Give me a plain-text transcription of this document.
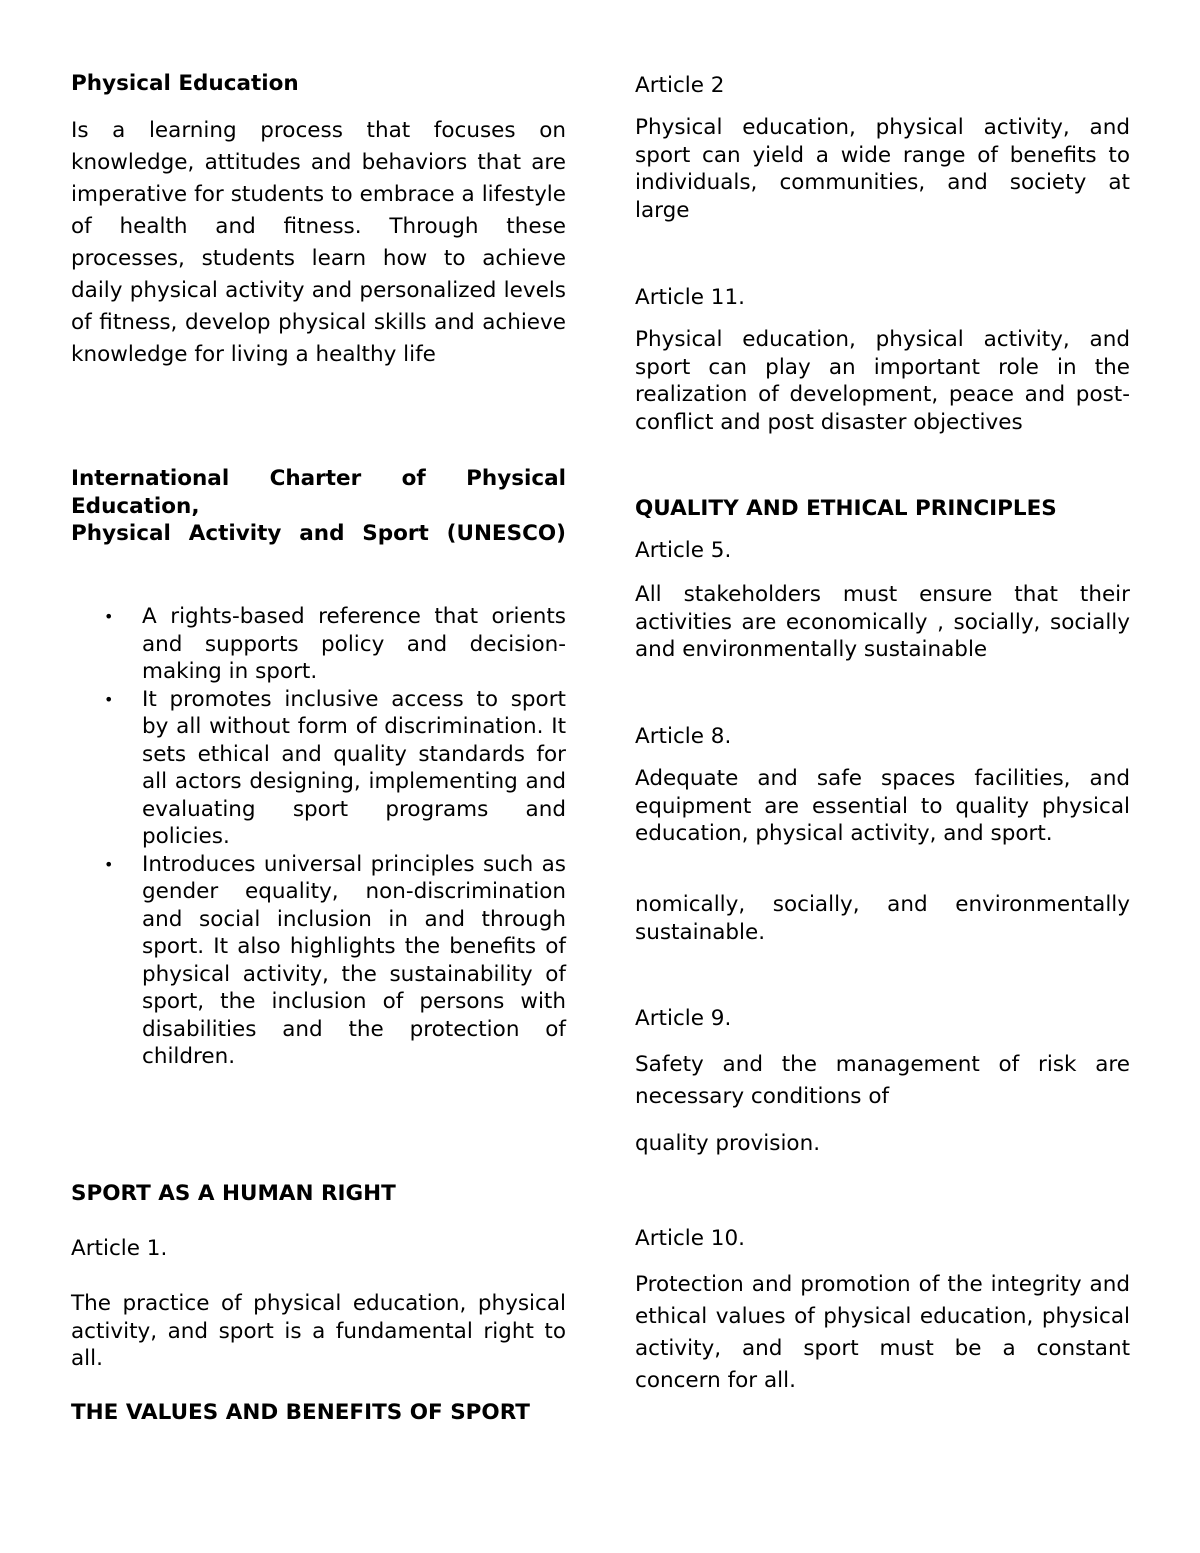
Physical Education
Is a learning process that focuses on knowledge, attitudes and behaviors that are imperative for students to embrace a lifestyle of health and fitness. Through these processes, students learn how to achieve daily physical activity and personalized levels of fitness, develop physical skills and achieve knowledge for living a healthy life
International Charter of Physical Education,
Physical Activity and Sport (UNESCO)
• A rights-based reference that orients and supports policy and decision-making in sport.
• It promotes inclusive access to sport by all without form of discrimination. It sets ethical and quality standards for all actors designing, implementing and evaluating sport programs and policies.
• Introduces universal principles such as gender equality, non-discrimination and social inclusion in and through sport. It also highlights the benefits of physical activity, the sustainability of sport, the inclusion of persons with disabilities and the protection of children.
SPORT AS A HUMAN RIGHT
Article 1.
The practice of physical education, physical activity, and sport is a fundamental right to all.
THE VALUES AND BENEFITS OF SPORT
Article 2
Physical education, physical activity, and sport can yield a wide range of benefits to individuals, communities, and society at large
Article 11.
Physical education, physical activity, and sport can play an important role in the realization of development, peace and post-conflict and post disaster objectives
QUALITY AND ETHICAL PRINCIPLES
Article 5.
All stakeholders must ensure that their activities are economically , socially, socially and environmentally sustainable
Article 8.
Adequate and safe spaces facilities, and equipment are essential to quality physical education, physical activity, and sport.
nomically, socially, and environmentally sustainable.
Article 9.
Safety and the management of risk are necessary conditions of
quality provision.
Article 10.
Protection and promotion of the integrity and ethical values of physical education, physical activity, and sport must be a constant concern for all.
